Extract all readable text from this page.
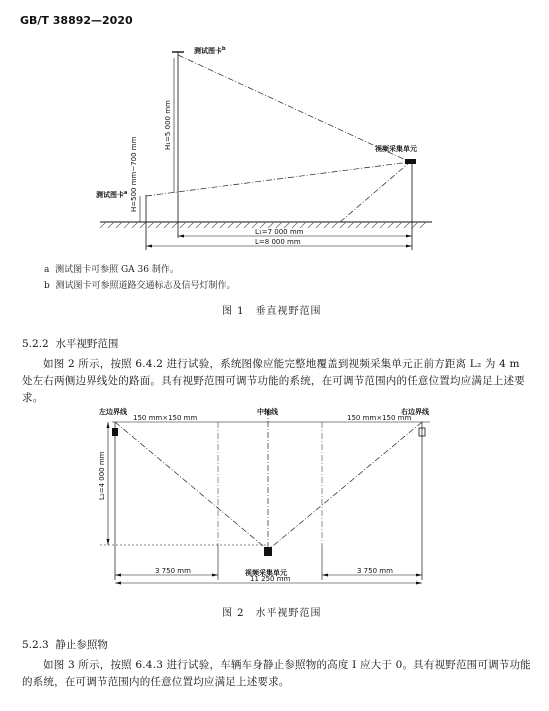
GB/T 38892—2020
测试图卡$^b$
测试图卡$^a$
H₁=5 000 mm
H=500 mm~700 mm	视频采集单元
L₁=7 000 mm
L=8 000 mm
左边界线	右边界线
中轴线
150 mm×150 mm	150 mm×150 mm
L₂=4 000 mm
视频采集单元
3 750 mm	3 750 mm
11 250 mm
a 测试图卡可参照 GA 36 制作。
b 测试图卡可参照道路交通标志及信号灯制作。
图 1　垂直视野范围
5.2.2 水平视野范围
如图 2 所示，按照 6.4.2 进行试验，系统图像应能完整地覆盖到视频采集单元正前方距离 L₂ 为 4 m 处左右两侧边界线处的路面。具有视野范围可调节功能的系统，在可调节范围内的任意位置均应满足上述要求。
图 2　水平视野范围
5.2.3 静止参照物
如图 3 所示，按照 6.4.3 进行试验，车辆车身静止参照物的高度 I 应大于 0。具有视野范围可调节功能的系统，在可调节范围内的任意位置均应满足上述要求。
